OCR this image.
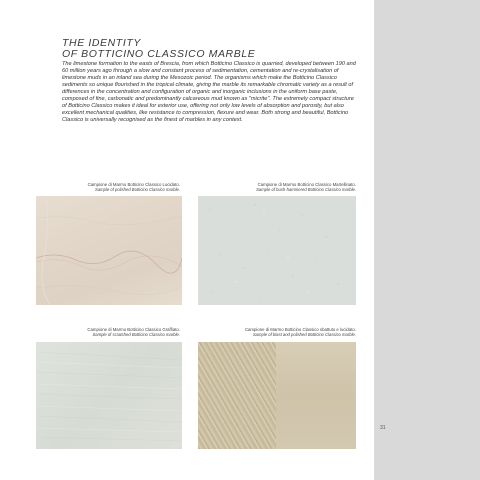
THE IDENTITY
OF BOTTICINO CLASSICO MARBLE

The limestone formation to the easts of Brescia, from which Botticino Classico is quarried, developed between 190 and 60 million years ago through a slow and constant process of sedimentation, cementation and re-crystalisation of limestone muds in an inland sea during the Mesozoic period. The organisms which make the Botticino Classico sediments so unique flourished in the tropical climate, giving the marble its remarkable chromatic variety as a result of differences in the concentration and configuration of organic and inorganic inclusions in the uniform base paste, composed of fine, carbonatic and predominantly calcareous mud known as "micrite". The extremely compact structure of Botticino Classico makes it ideal for exterior use, offering not only low levels of absorption and porosity, but also excellent mechanical qualities, like resistance to compression, flexure and wear. Both strong and beautiful, Botticino Classico is universally recognised as the finest of marbles in any context.

Campione di Marmo Botticino Classico Lucidato.
Sample of polished Botticino Classico marble.
Campione di Marmo Botticino Classico Martellinato.
Sample of bush-hammered Botticino Classico marble.
Campione di Marmo Botticino Classico Graffiato.
Sample of scratched Botticino Classico marble.
Campione di Marmo Botticino Classico sbattuto e lucidato.
Sample of blast and polished Botticino Classico marble.
31
